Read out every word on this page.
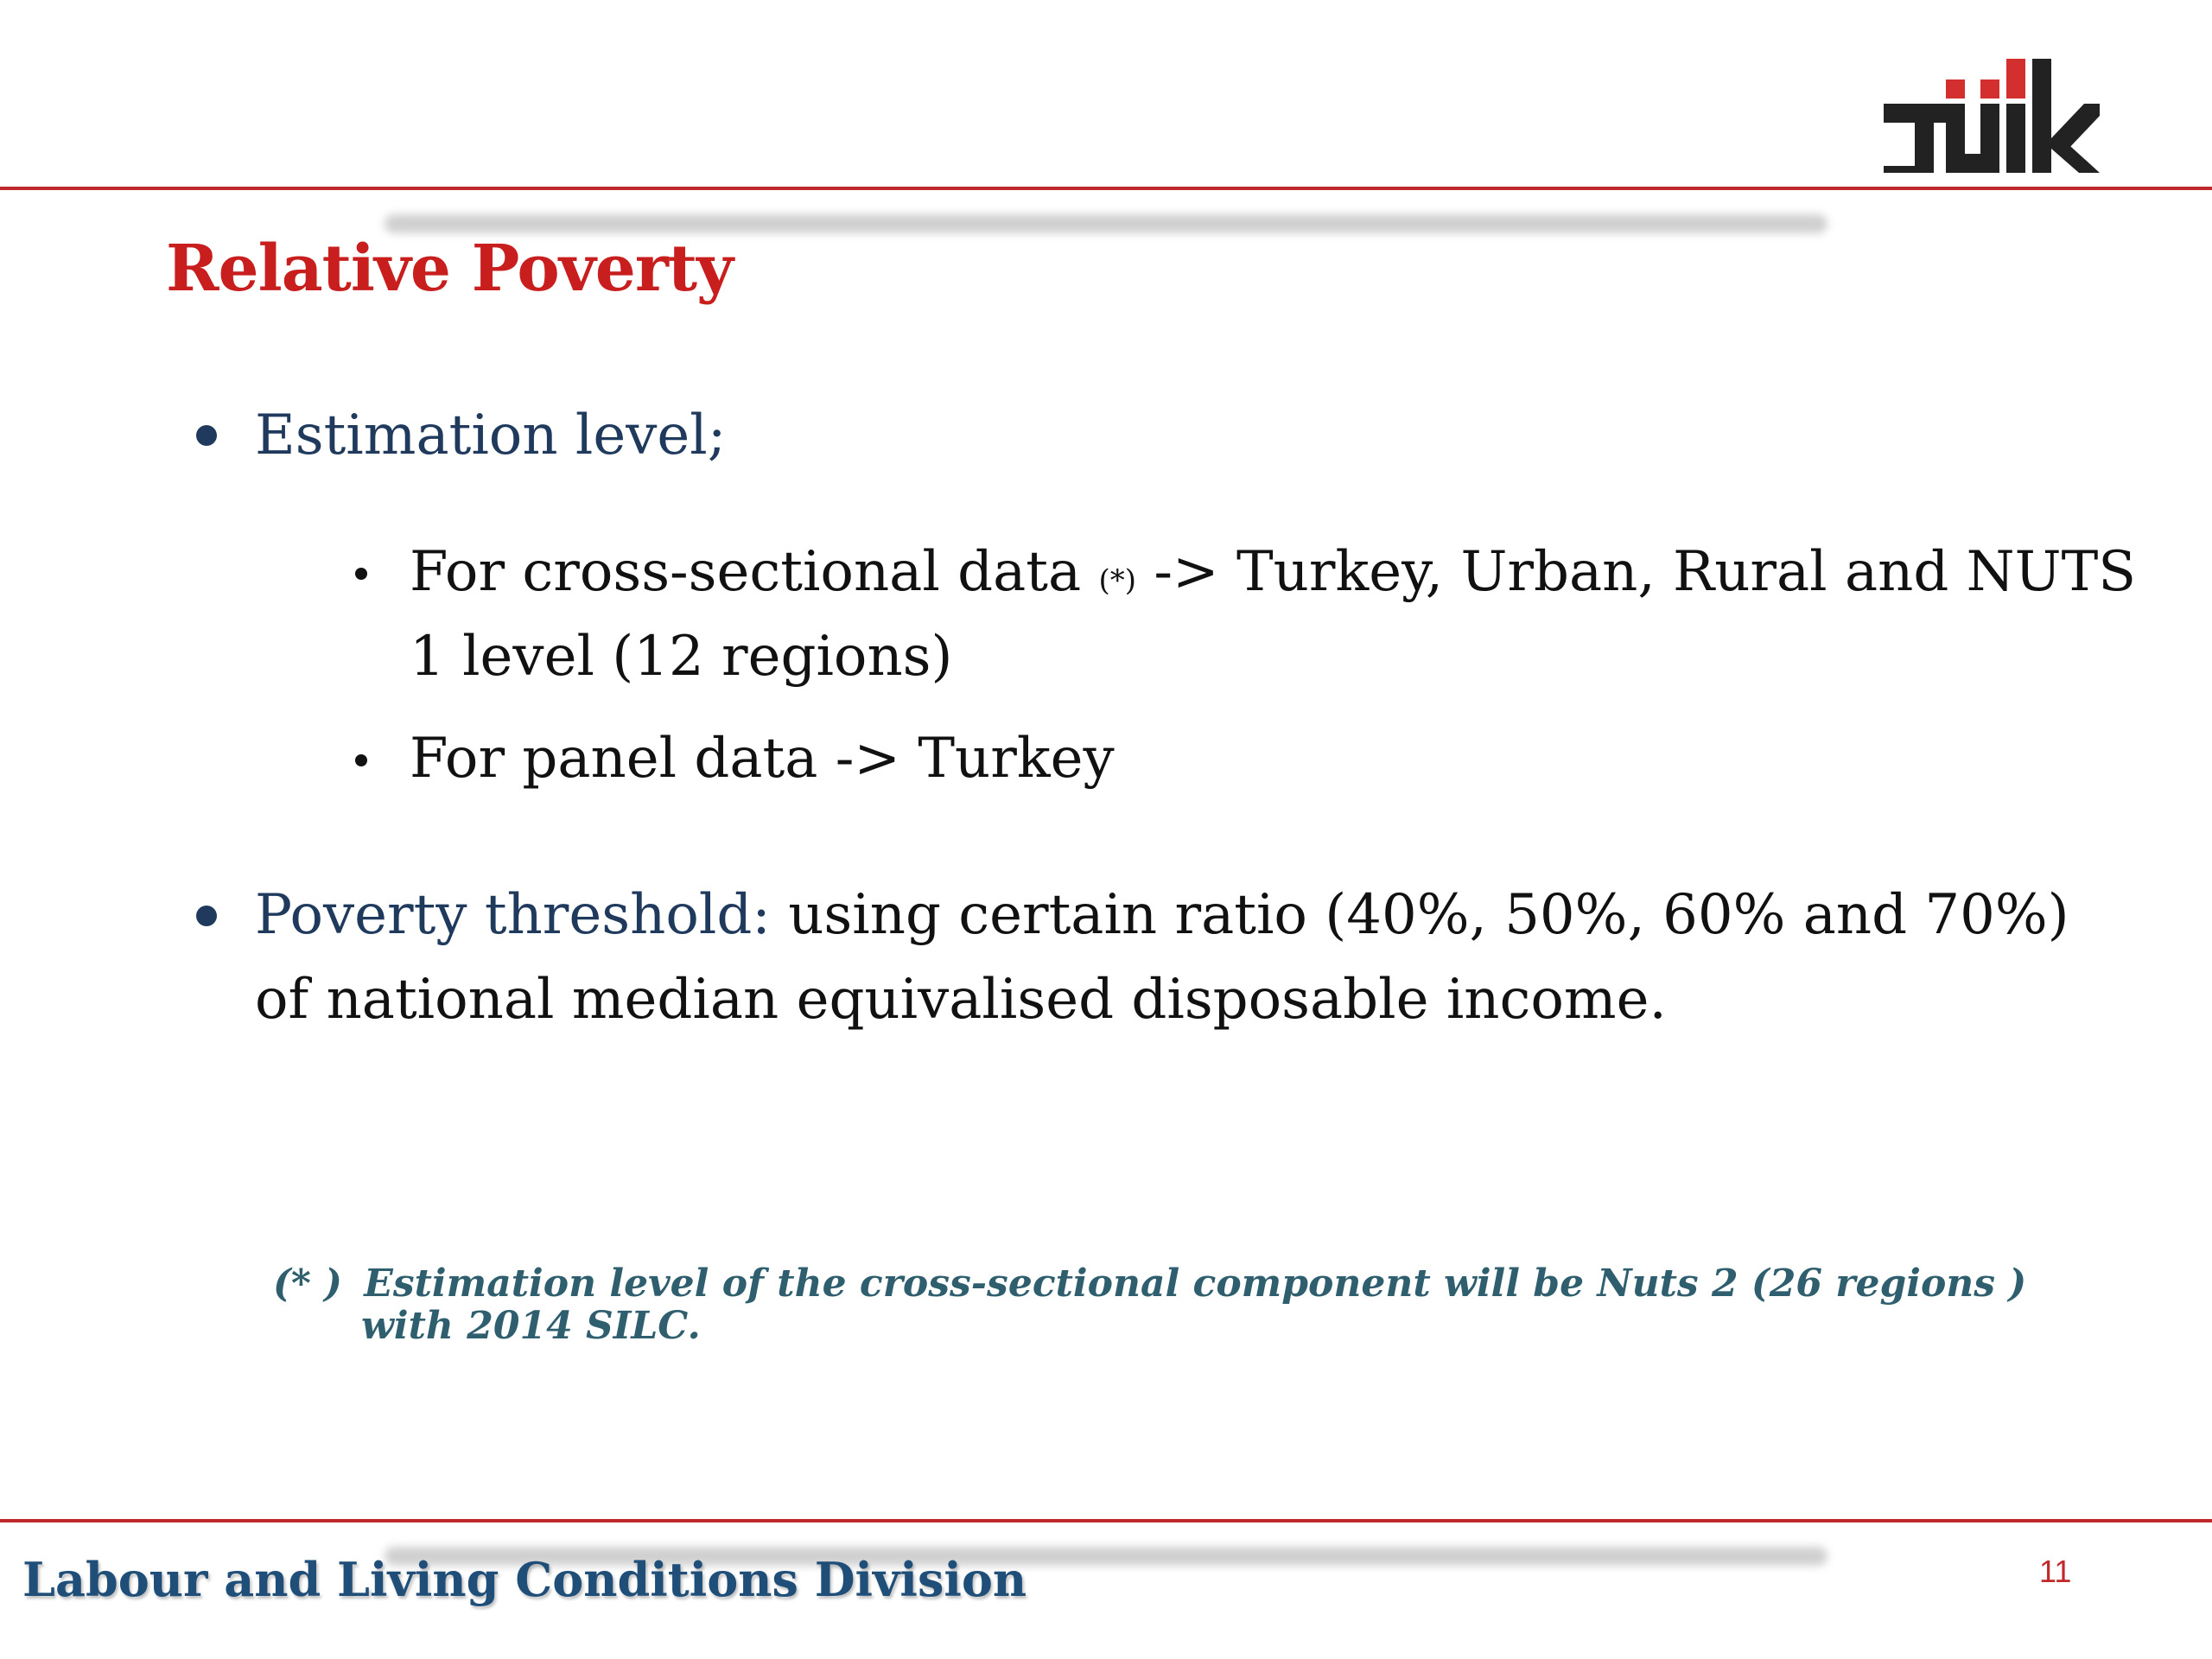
Relative Poverty
Estimation level;
For cross-sectional data (*) -> Turkey, Urban, Rural and NUTS
1 level (12 regions)
For panel data -> Turkey
Poverty threshold: using certain ratio (40%, 50%, 60% and 70%)
of national median equivalised disposable income.
(* ) Estimation level of the cross-sectional component will be Nuts 2 (26 regions )
with 2014 SILC.
Labour and Living Conditions Division	11
